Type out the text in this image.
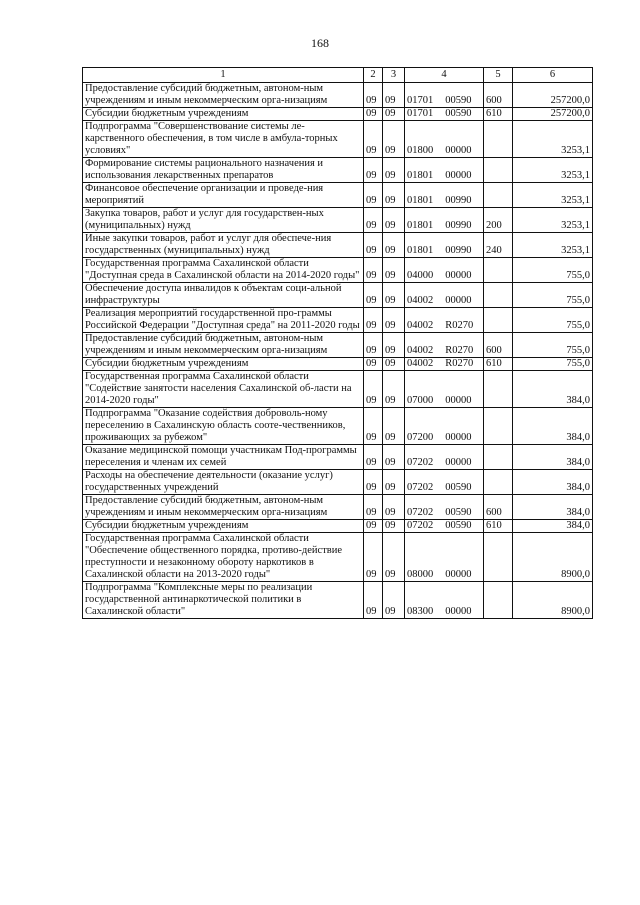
168
1	2	3	4	5	6
Предоставление субсидий бюджетным, автоном-ным учреждениям и иным некоммерческим орга-низациям	09	09	01701 00590	600	257200,0
Субсидии бюджетным учреждениям	09	09	01701 00590	610	257200,0
Подпрограмма "Совершенствование системы ле-карственного обеспечения, в том числе в амбула-торных условиях"	09	09	01800 00000		3253,1
Формирование системы рационального назначения и использования лекарственных препаратов	09	09	01801 00000		3253,1
Финансовое обеспечение организации и проведе-ния мероприятий	09	09	01801 00990		3253,1
Закупка товаров, работ и услуг для государствен-ных (муниципальных) нужд	09	09	01801 00990	200	3253,1
Иные закупки товаров, работ и услуг для обеспече-ния государственных (муниципальных) нужд	09	09	01801 00990	240	3253,1
Государственная программа Сахалинской области "Доступная среда в Сахалинской области на 2014-2020 годы"	09	09	04000 00000		755,0
Обеспечение доступа инвалидов к объектам соци-альной инфраструктуры	09	09	04002 00000		755,0
Реализация мероприятий государственной про-граммы Российской Федерации "Доступная среда" на 2011-2020 годы	09	09	04002 R0270		755,0
Предоставление субсидий бюджетным, автоном-ным учреждениям и иным некоммерческим орга-низациям	09	09	04002 R0270	600	755,0
Субсидии бюджетным учреждениям	09	09	04002 R0270	610	755,0
Государственная программа Сахалинской области "Содействие занятости населения Сахалинской об-ласти на 2014-2020 годы"	09	09	07000 00000		384,0
Подпрограмма "Оказание содействия доброволь-ному переселению в Сахалинскую область сооте-чественников, проживающих за рубежом"	09	09	07200 00000		384,0
Оказание медицинской помощи участникам Под-программы переселения и членам их семей	09	09	07202 00000		384,0
Расходы на обеспечение деятельности (оказание услуг) государственных учреждений	09	09	07202 00590		384,0
Предоставление субсидий бюджетным, автоном-ным учреждениям и иным некоммерческим орга-низациям	09	09	07202 00590	600	384,0
Субсидии бюджетным учреждениям	09	09	07202 00590	610	384,0
Государственная программа Сахалинской области "Обеспечение общественного порядка, противо-действие преступности и незаконному обороту наркотиков в Сахалинской области на 2013-2020 годы"	09	09	08000 00000		8900,0
Подпрограмма "Комплексные меры по реализации государственной антинаркотической политики в Сахалинской области"	09	09	08300 00000		8900,0
